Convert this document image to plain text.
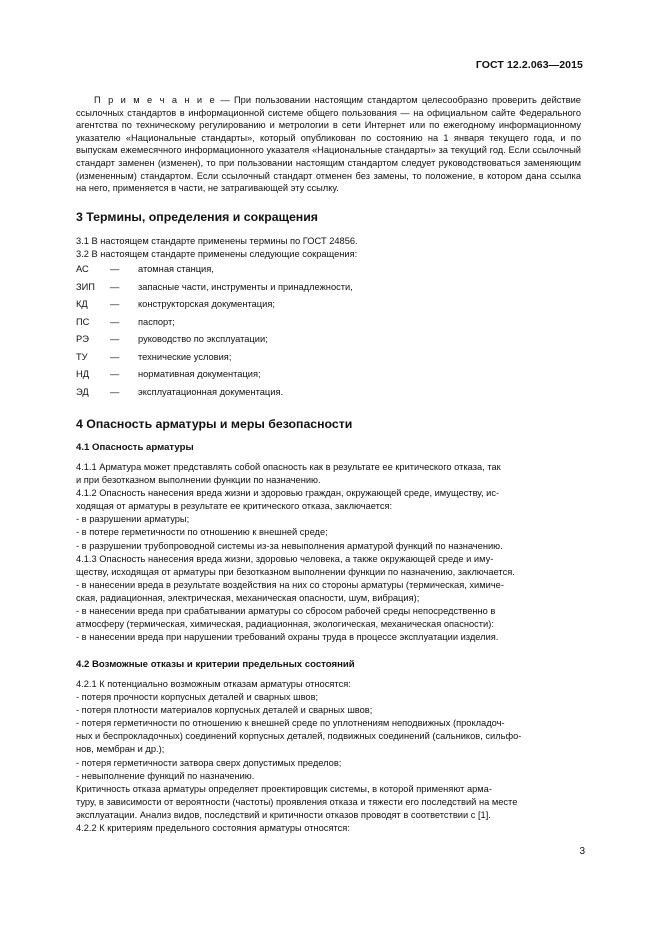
ГОСТ 12.2.063—2015

П р и м е ч а н и е — При пользовании настоящим стандартом целесообразно проверить действие ссылочных стандартов в информационной системе общего пользования — на официальном сайте Федерального агентства по техническому регулированию и метрологии в сети Интернет или по ежегодному информационному указателю «Национальные стандарты», который опубликован по состоянию на 1 января текущего года, и по выпускам ежемесячного информационного указателя «Национальные стандарты» за текущий год. Если ссылочный стандарт заменен (изменен), то при пользовании настоящим стандартом следует руководствоваться заменяющим (измененным) стандартом. Если ссылочный стандарт отменен без замены, то положение, в котором дана ссылка на него, применяется в части, не затрагивающей эту ссылку.

3 Термины, определения и сокращения

3.1 В настоящем стандарте применены термины по ГОСТ 24856.

3.2 В настоящем стандарте применены следующие сокращения:

АС — атомная станция,
ЗИП — запасные части, инструменты и принадлежности,
КД — конструкторская документация;
ПС — паспорт;
РЭ — руководство по эксплуатации;
ТУ — технические условия;
НД — нормативная документация;
ЭД — эксплуатационная документация.
4 Опасность арматуры и меры безопасности
4.1 Опасность арматуры

4.1.1 Арматура может представлять собой опасность как в результате ее критического отказа, так

и при безотказном выполнении функции по назначению.

4.1.2 Опасность нанесения вреда жизни и здоровью граждан, окружающей среде, имуществу, ис-

ходящая от арматуры в результате ее критического отказа, заключается:

- в разрушении арматуры;

- в потере герметичности по отношению к внешней среде;

- в разрушении трубопроводной системы из-за невыполнения арматурой функций по назначению.

4.1.3 Опасность нанесения вреда жизни, здоровью человека, а также окружающей среде и иму-

ществу, исходящая от арматуры при безотказном выполнении функции по назначению, заключается.

- в нанесении вреда в результате воздействия на них со стороны арматуры (термическая, химиче-

ская, радиационная, электрическая, механическая опасности, шум, вибрация);

- в нанесении вреда при срабатывании арматуры со сбросом рабочей среды непосредственно в

атмосферу (термическая, химическая, радиационная, экологическая, механическая опасности):

- в нанесении вреда при нарушении требований охраны труда в процессе эксплуатации изделия.

4.2 Возможные отказы и критерии предельных состояний

4.2.1 К потенциально возможным отказам арматуры относятся:

- потеря прочности корпусных деталей и сварных швов;

- потеря плотности материалов корпусных деталей и сварных швов;

- потеря герметичности по отношению к внешней среде по уплотнениям неподвижных (прокладоч-

ных и беспрокладочных) соединений корпусных деталей, подвижных соединений (сальников, сильфо-

нов, мембран и др.);

- потеря герметичности затвора сверх допустимых пределов;

- невыполнение функций по назначению.

Критичность отказа арматуры определяет проектировщик системы, в которой применяют арма-

туру, в зависимости от вероятности (частоты) проявления отказа и тяжести его последствий на месте

эксплуатации. Анализ видов, последствий и критичности отказов проводят в соответствии с [1].

4.2.2 К критериям предельного состояния арматуры относятся:

3
